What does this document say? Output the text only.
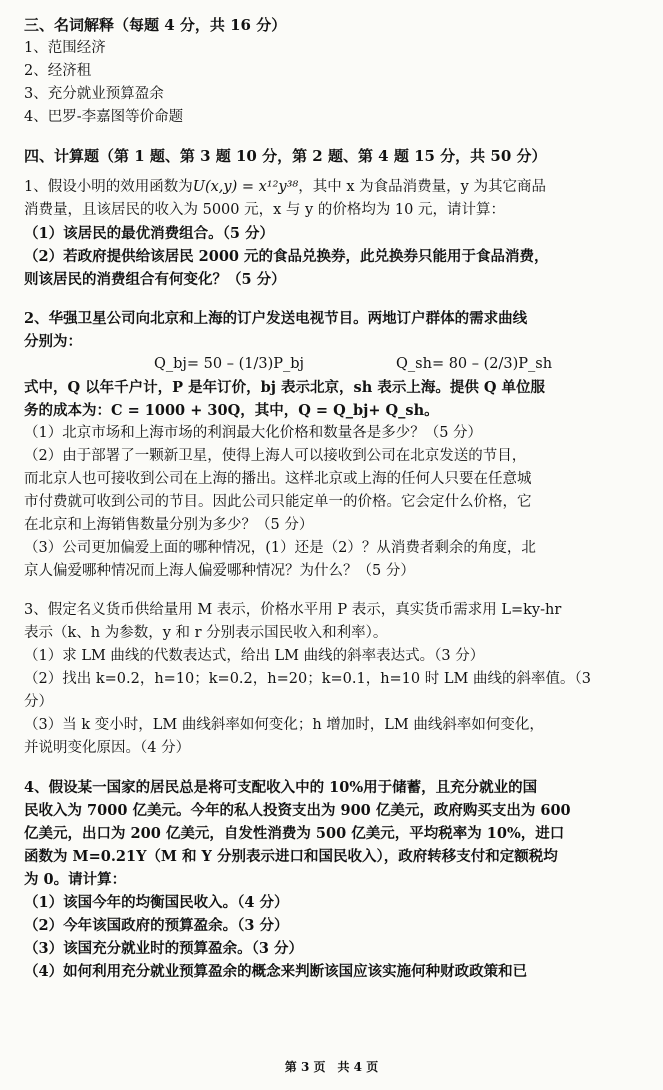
三、名词解释（每题 4 分，共 16 分）
1、范围经济
2、经济租
3、充分就业预算盈余
4、巴罗-李嘉图等价命题
四、计算题（第 1 题、第 3 题 10 分，第 2 题、第 4 题 15 分，共 50 分）
1、假设小明的效用函数为U(x,y) = x¹²y³⁸，其中 x 为食品消费量，y 为其它商品
消费量，且该居民的收入为 5000 元，x 与 y 的价格均为 10 元，请计算：
（1）该居民的最优消费组合。（5 分）
（2）若政府提供给该居民 2000 元的食品兑换券，此兑换券只能用于食品消费，
则该居民的消费组合有何变化？（5 分）
2、华强卫星公司向北京和上海的订户发送电视节目。两地订户群体的需求曲线
分别为：
Q_bj= 50 – (1/3)P_bj	Q_sh= 80 – (2/3)P_sh
式中，Q 以年千户计，P 是年订价，bj 表示北京，sh 表示上海。提供 Q 单位服
务的成本为：C = 1000 + 30Q，其中，Q = Q_bj+ Q_sh。
（1）北京市场和上海市场的利润最大化价格和数量各是多少？（5 分）
（2）由于部署了一颗新卫星，使得上海人可以接收到公司在北京发送的节目，
而北京人也可接收到公司在上海的播出。这样北京或上海的任何人只要在任意城
市付费就可收到公司的节目。因此公司只能定单一的价格。它会定什么价格，它
在北京和上海销售数量分别为多少？（5 分）
（3）公司更加偏爱上面的哪种情况，(1）还是（2）？从消费者剩余的角度，北
京人偏爱哪种情况而上海人偏爱哪种情况？为什么？（5 分）
3、假定名义货币供给量用 M 表示，价格水平用 P 表示，真实货币需求用 L=ky-hr
表示（k、h 为参数，y 和 r 分别表示国民收入和利率）。
（1）求 LM 曲线的代数表达式，给出 LM 曲线的斜率表达式。（3 分）
（2）找出 k=0.2，h=10；k=0.2，h=20；k=0.1，h=10 时 LM 曲线的斜率值。（3
分）
（3）当 k 变小时，LM 曲线斜率如何变化；h 增加时，LM 曲线斜率如何变化，
并说明变化原因。（4 分）
4、假设某一国家的居民总是将可支配收入中的 10%用于储蓄，且充分就业的国
民收入为 7000 亿美元。今年的私人投资支出为 900 亿美元，政府购买支出为 600
亿美元，出口为 200 亿美元，自发性消费为 500 亿美元，平均税率为 10%，进口
函数为 M=0.21Y（M 和 Y 分别表示进口和国民收入），政府转移支付和定额税均
为 0。请计算：
（1）该国今年的均衡国民收入。（4 分）
（2）今年该国政府的预算盈余。（3 分）
（3）该国充分就业时的预算盈余。（3 分）
（4）如何利用充分就业预算盈余的概念来判断该国应该实施何种财政政策和已
第 3 页　共 4 页
